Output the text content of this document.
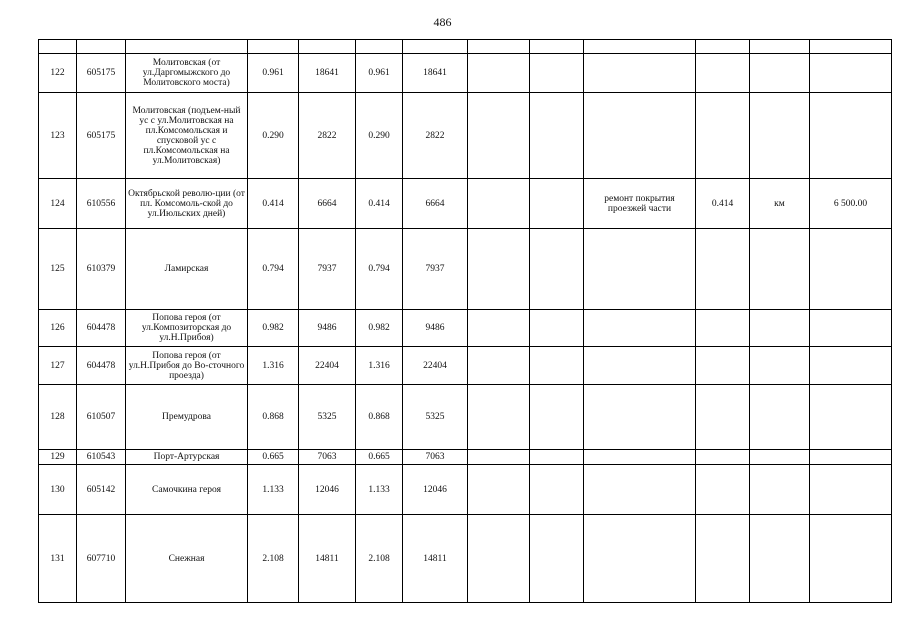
486

122	605175	Молитовская (от ул.Даргомыжского до Молитовского моста)	0.961	18641	0.961	18641						
123	605175	Молитовская (подъем-ный ус с ул.Молитовская на пл.Комсомольская и спусковой ус с пл.Комсомольская на ул.Молитовская)	0.290	2822	0.290	2822						
124	610556	Октябрьской револю-ции (от пл. Комсомоль-ской до ул.Июльских дней)	0.414	6664	0.414	6664			ремонт покрытия проезжей части	0.414	км	6 500.00
125	610379	Ламирская	0.794	7937	0.794	7937						
126	604478	Попова героя (от ул.Композиторская до ул.Н.Прибоя)	0.982	9486	0.982	9486						
127	604478	Попова героя (от ул.Н.Прибоя до Во-сточного проезда)	1.316	22404	1.316	22404						
128	610507	Премудрова	0.868	5325	0.868	5325						
129	610543	Порт-Артурская	0.665	7063	0.665	7063						
130	605142	Самочкина героя	1.133	12046	1.133	12046						
131	607710	Снежная	2.108	14811	2.108	14811						
